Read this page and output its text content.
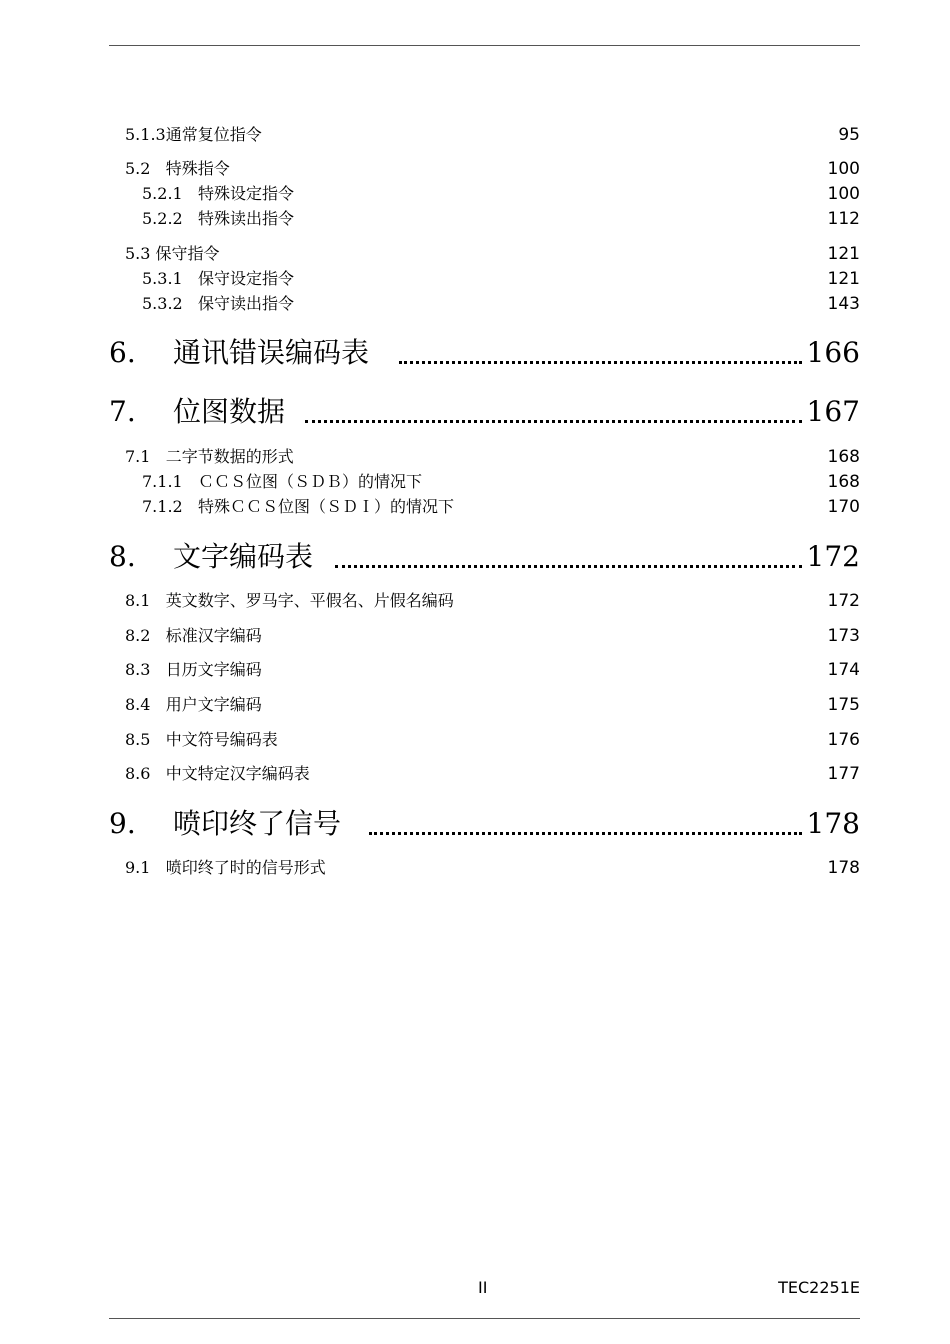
5.1.3通常复位指令	95
5.2 特殊指令	100
5.2.1 特殊设定指令	100
5.2.2 特殊读出指令	112
5.3 保守指令	121
5.3.1 保守设定指令	121
5.3.2 保守读出指令	143
6. 通讯错误编码表	166
7. 位图数据	167
7.1 二字节数据的形式	168
7.1.1 ＣＣＳ位图（ＳＤＢ）的情况下	168
7.1.2 特殊ＣＣＳ位图（ＳＤＩ）的情况下	170
8. 文字编码表	172
8.1 英文数字、罗马字、平假名、片假名编码	172
8.2 标准汉字编码	173
8.3 日历文字编码	174
8.4 用户文字编码	175
8.5 中文符号编码表	176
8.6 中文特定汉字编码表	177
9. 喷印终了信号	178
9.1 喷印终了时的信号形式	178
II	TEC2251E
